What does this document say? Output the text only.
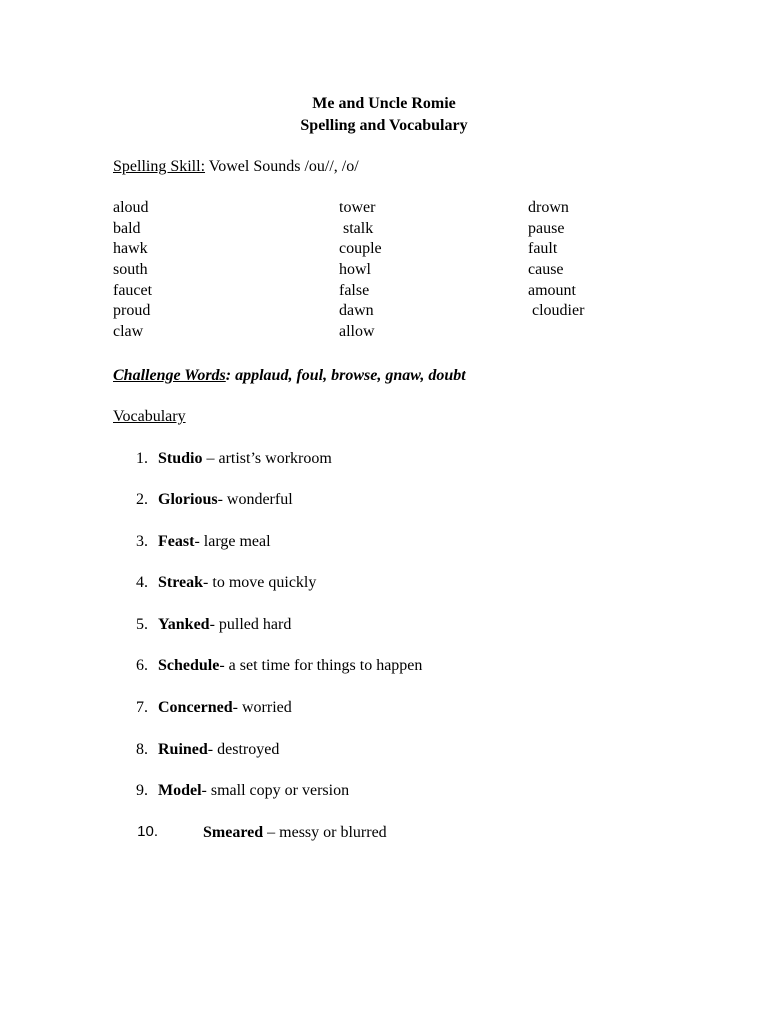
Me and Uncle Romie
Spelling and Vocabulary
Spelling Skill: Vowel Sounds /ou//, /o/
aloud
bald
hawk
south
faucet
proud
claw
tower
stalk
couple
howl
false
dawn
allow
drown
pause
fault
cause
amount
cloudier
Challenge Words: applaud, foul, browse, gnaw, doubt
Vocabulary
1. Studio – artist’s workroom
2. Glorious- wonderful
3. Feast- large meal
4. Streak- to move quickly
5. Yanked- pulled hard
6. Schedule- a set time for things to happen
7. Concerned- worried
8. Ruined- destroyed
9. Model- small copy or version
10.	Smeared – messy or blurred
